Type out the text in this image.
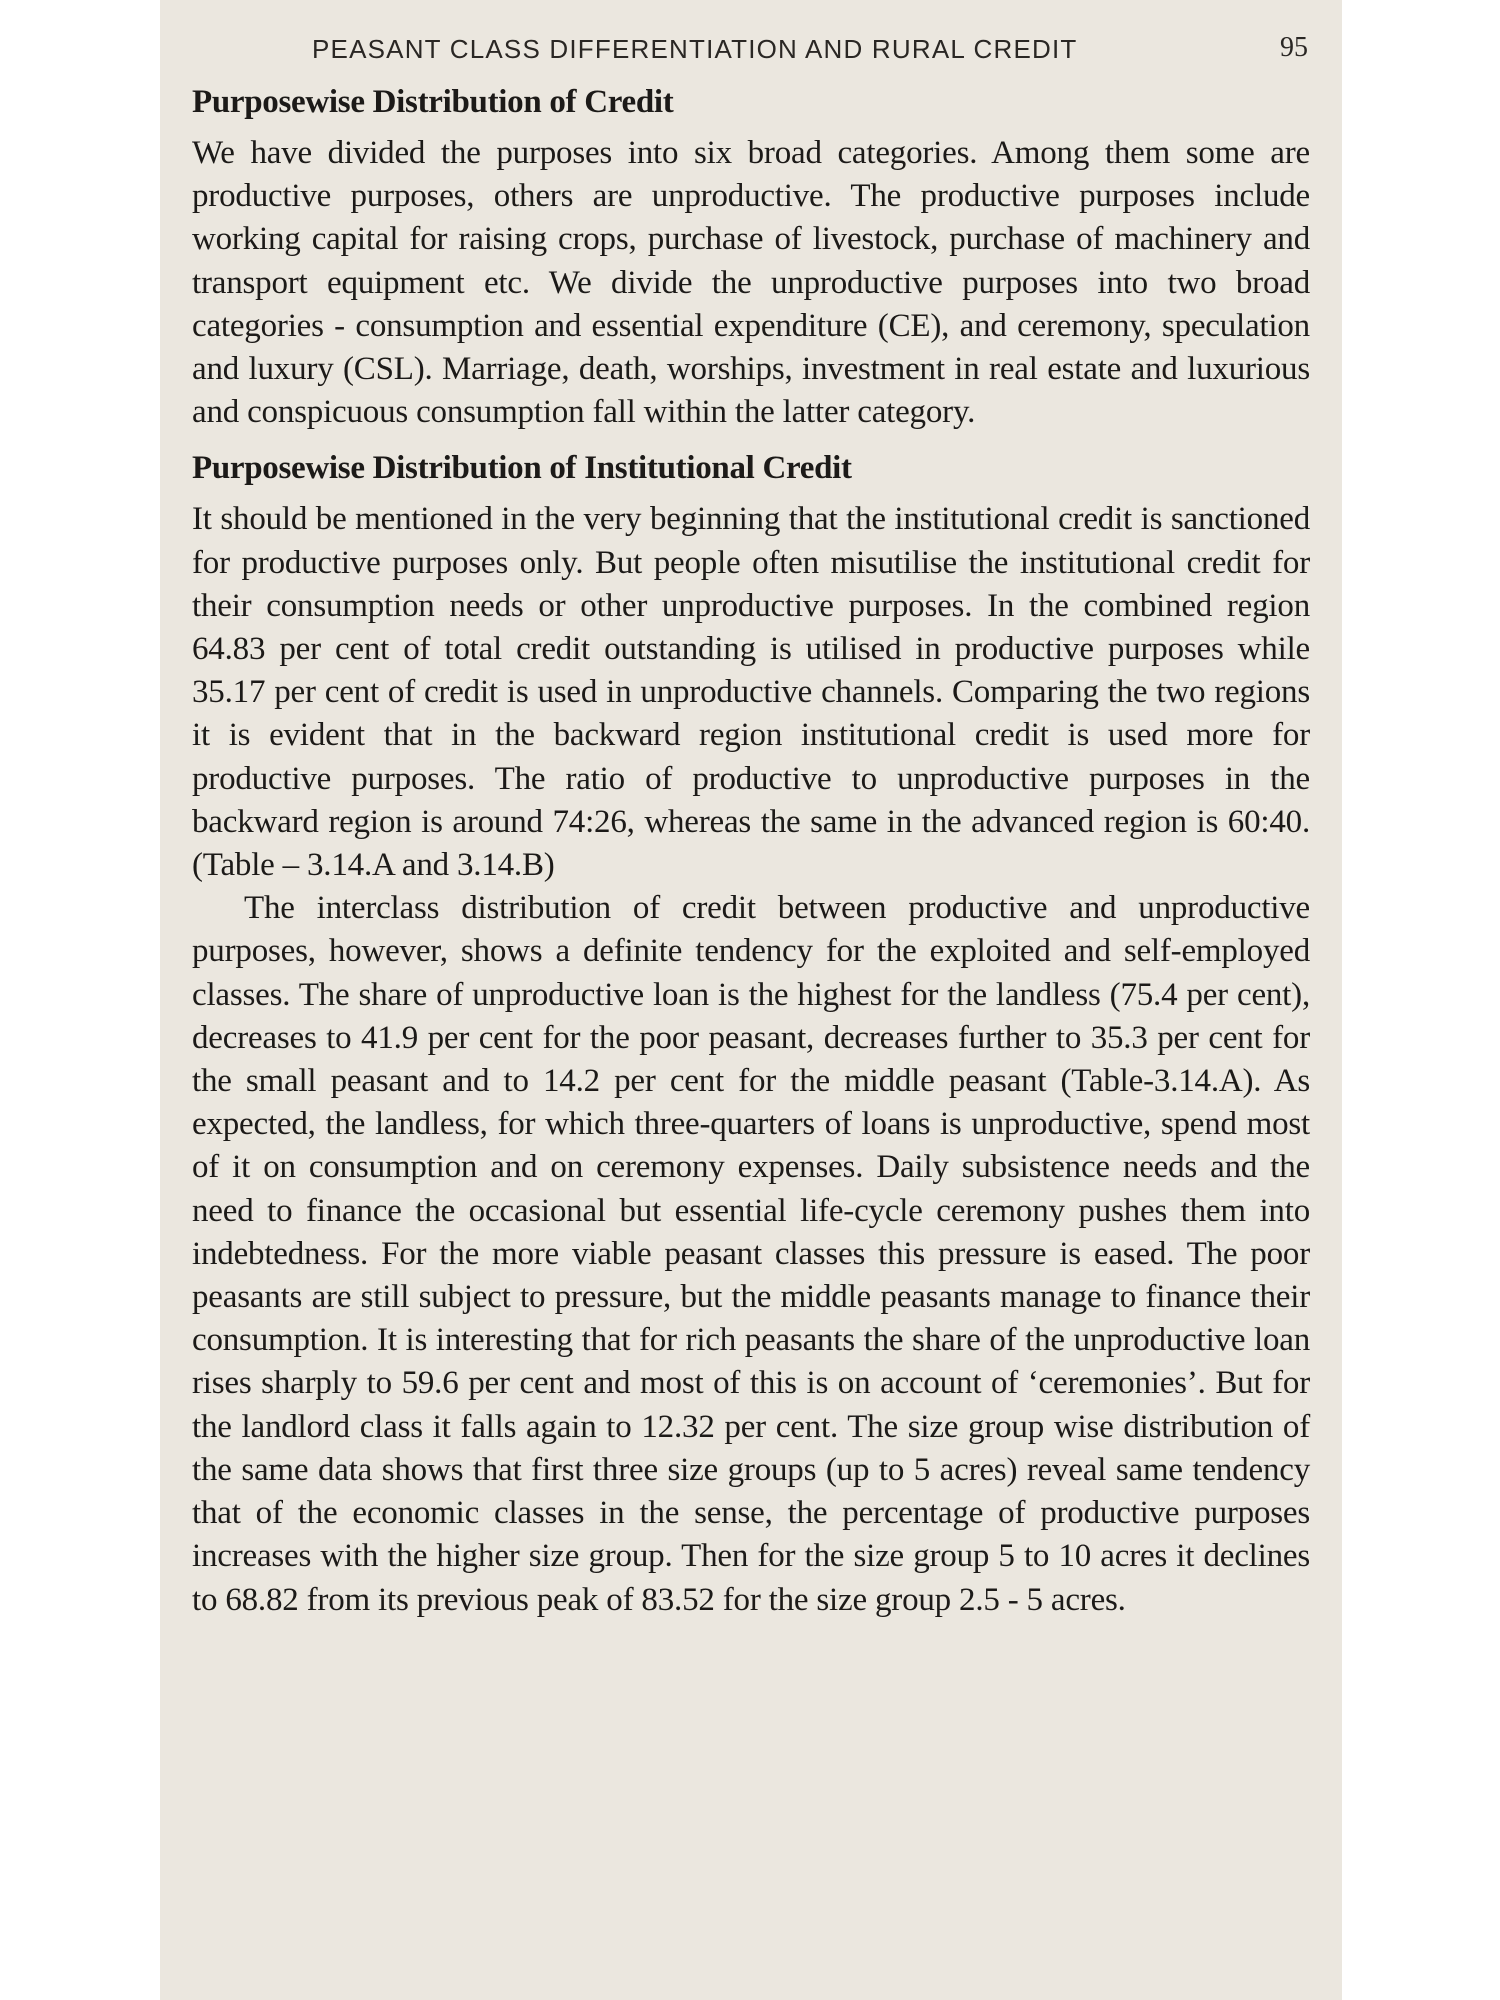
PEASANT CLASS DIFFERENTIATION AND RURAL CREDIT	95
Purposewise Distribution of Credit

We have divided the purposes into six broad categories. Among them some are productive purposes, others are unproductive. The productive purposes include working capital for raising crops, purchase of livestock, purchase of machinery and transport equipment etc. We divide the unproductive purposes into two broad categories - consumption and essential expenditure (CE), and ceremony, speculation and luxury (CSL). Marriage, death, worships, investment in real estate and luxurious and conspicuous consumption fall within the latter category.

Purposewise Distribution of Institutional Credit

It should be mentioned in the very beginning that the institutional credit is sanctioned for productive purposes only. But people often misutilise the institutional credit for their consumption needs or other unproductive purposes. In the combined region 64.83 per cent of total credit outstanding is utilised in productive purposes while 35.17 per cent of credit is used in unproductive channels. Comparing the two regions it is evident that in the backward region institutional credit is used more for productive purposes. The ratio of productive to unproductive purposes in the backward region is around 74:26, whereas the same in the advanced region is 60:40. (Table – 3.14.A and 3.14.B)

The interclass distribution of credit between productive and unproductive purposes, however, shows a definite tendency for the exploited and self-employed classes. The share of unproductive loan is the highest for the landless (75.4 per cent), decreases to 41.9 per cent for the poor peasant, decreases further to 35.3 per cent for the small peasant and to 14.2 per cent for the middle peasant (Table-3.14.A). As expected, the landless, for which three-quarters of loans is unproductive, spend most of it on consumption and on ceremony expenses. Daily subsistence needs and the need to finance the occasional but essential life-cycle ceremony pushes them into indebtedness. For the more viable peasant classes this pressure is eased. The poor peasants are still subject to pressure, but the middle peasants manage to finance their consumption. It is interesting that for rich peasants the share of the unproductive loan rises sharply to 59.6 per cent and most of this is on account of ‘ceremonies’. But for the landlord class it falls again to 12.32 per cent. The size group wise distribution of the same data shows that first three size groups (up to 5 acres) reveal same tendency that of the economic classes in the sense, the percentage of productive purposes increases with the higher size group. Then for the size group 5 to 10 acres it declines to 68.82 from its previous peak of 83.52 for the size group 2.5 - 5 acres.
